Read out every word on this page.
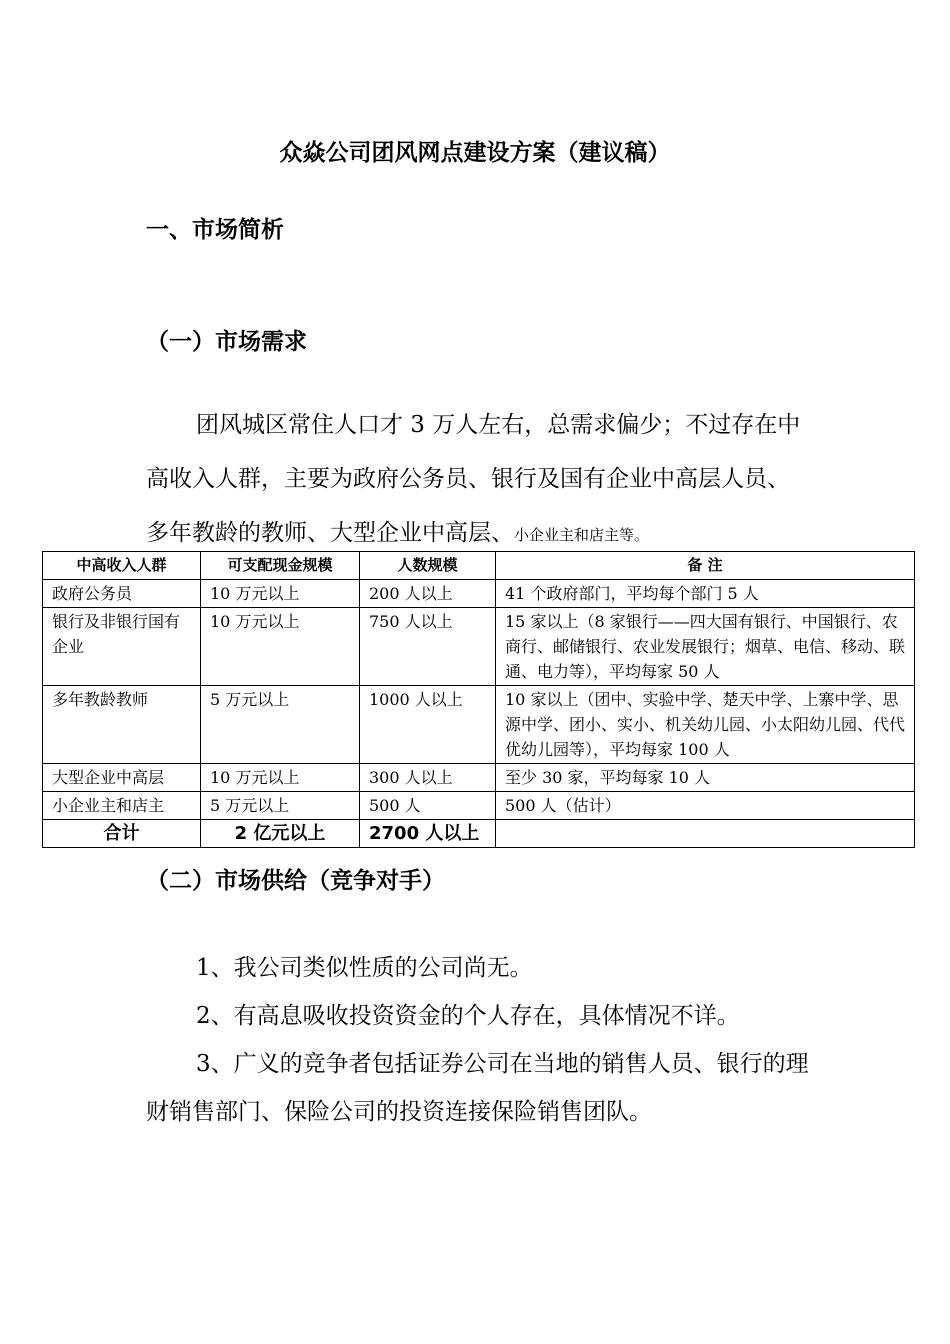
众焱公司团风网点建设方案（建议稿）
一、市场简析
（一）市场需求
团风城区常住人口才 3 万人左右，总需求偏少；不过存在中高收入人群，主要为政府公务员、银行及国有企业中高层人员、多年教龄的教师、大型企业中高层、小企业主和店主等。
中高收入人群	可支配现金规模	人数规模	备 注
政府公务员	10 万元以上	200 人以上	41 个政府部门，平均每个部门 5 人
银行及非银行国有企业	10 万元以上	750 人以上	15 家以上（8 家银行——四大国有银行、中国银行、农商行、邮储银行、农业发展银行；烟草、电信、移动、联通、电力等），平均每家 50 人
多年教龄教师	5 万元以上	1000 人以上	10 家以上（团中、实验中学、楚天中学、上寨中学、思源中学、团小、实小、机关幼儿园、小太阳幼儿园、代代优幼儿园等），平均每家 100 人
大型企业中高层	10 万元以上	300 人以上	至少 30 家，平均每家 10 人
小企业主和店主	5 万元以上	500 人	500 人（估计）
合计	2 亿元以上	2700 人以上	
（二）市场供给（竞争对手）
1、我公司类似性质的公司尚无。
2、有高息吸收投资资金的个人存在，具体情况不详。
3、广义的竞争者包括证券公司在当地的销售人员、银行的理财销售部门、保险公司的投资连接保险销售团队。
